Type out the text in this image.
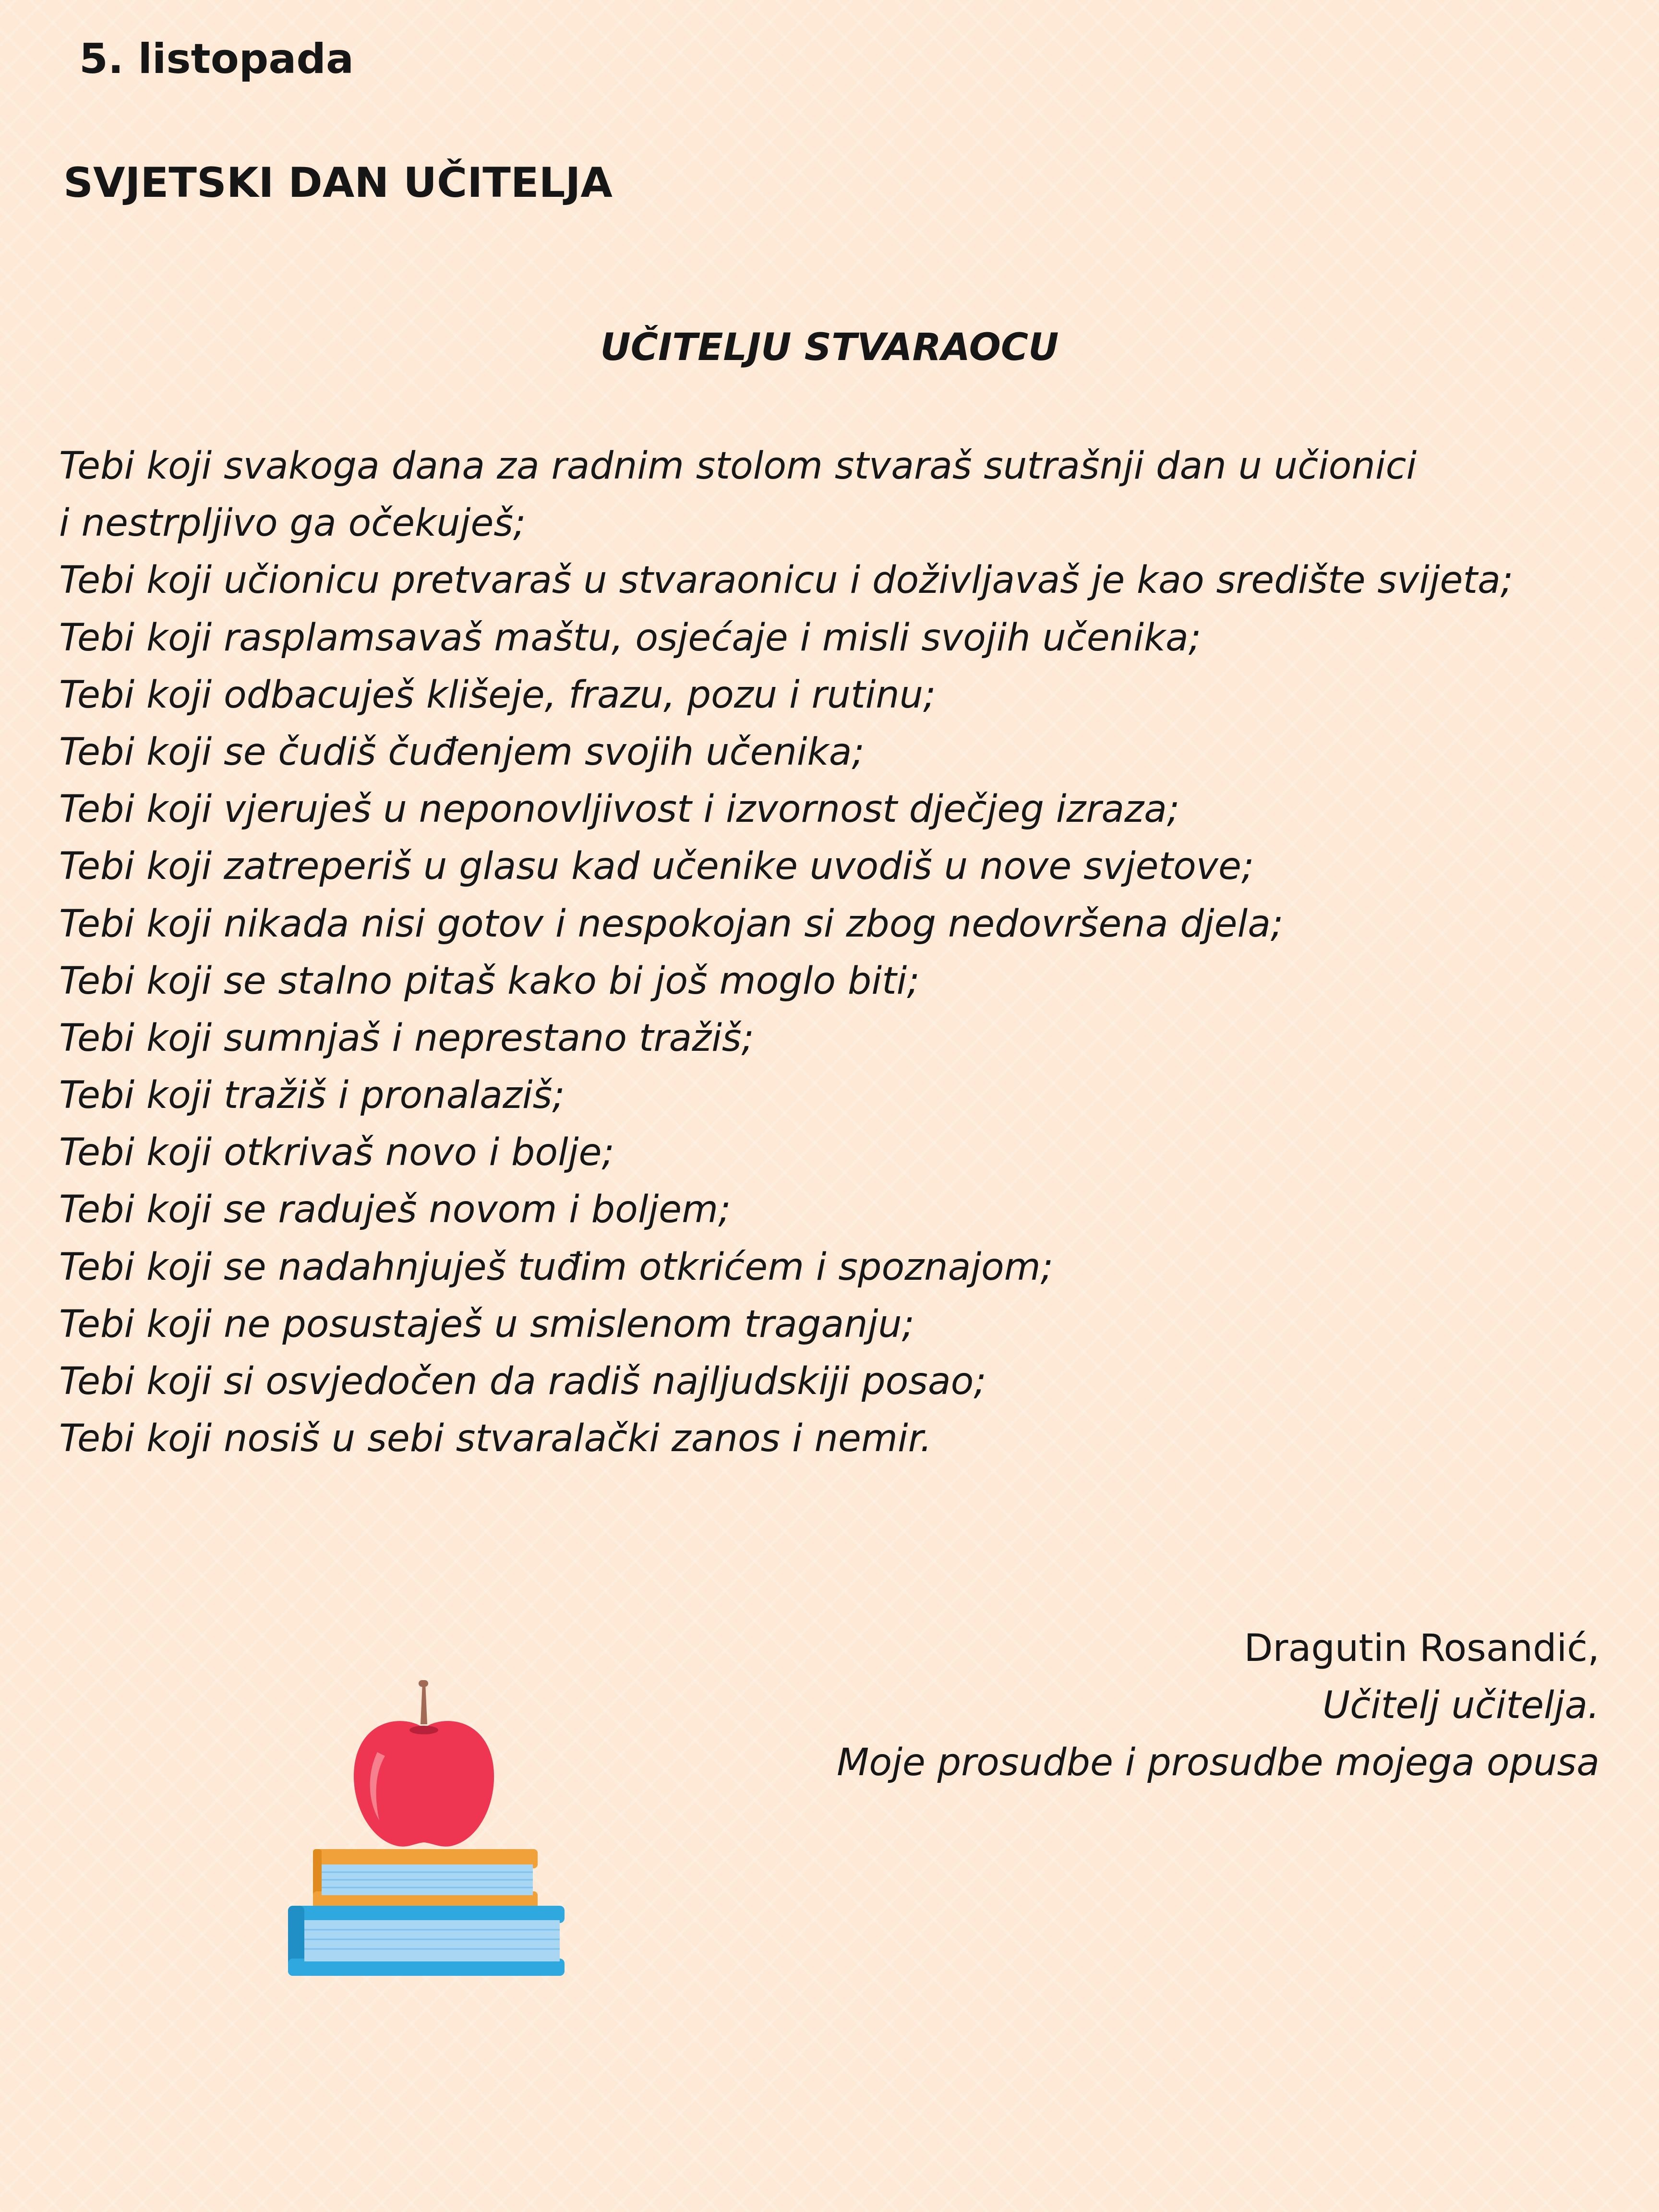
5. listopada
SVJETSKI DAN UČITELJA
UČITELJU STVARAOCU
Tebi koji svakoga dana za radnim stolom stvaraš sutrašnji dan u učionici
i nestrpljivo ga očekuješ;
Tebi koji učionicu pretvaraš u stvaraonicu i doživljavaš je kao središte svijeta;
Tebi koji rasplamsavaš maštu, osjećaje i misli svojih učenika;
Tebi koji odbacuješ klišeje, frazu, pozu i rutinu;
Tebi koji se čudiš čuđenjem svojih učenika;
Tebi koji vjeruješ u neponovljivost i izvornost dječjeg izraza;
Tebi koji zatreperiš u glasu kad učenike uvodiš u nove svjetove;
Tebi koji nikada nisi gotov i nespokojan si zbog nedovršena djela;
Tebi koji se stalno pitaš kako bi još moglo biti;
Tebi koji sumnjaš i neprestano tražiš;
Tebi koji tražiš i pronalaziš;
Tebi koji otkrivaš novo i bolje;
Tebi koji se raduješ novom i boljem;
Tebi koji se nadahnjuješ tuđim otkrićem i spoznajom;
Tebi koji ne posustaješ u smislenom traganju;
Tebi koji si osvjedočen da radiš najljudskiji posao;
Tebi koji nosiš u sebi stvaralački zanos i nemir.
Dragutin Rosandić,
Učitelj učitelja.
Moje prosudbe i prosudbe mojega opusa
